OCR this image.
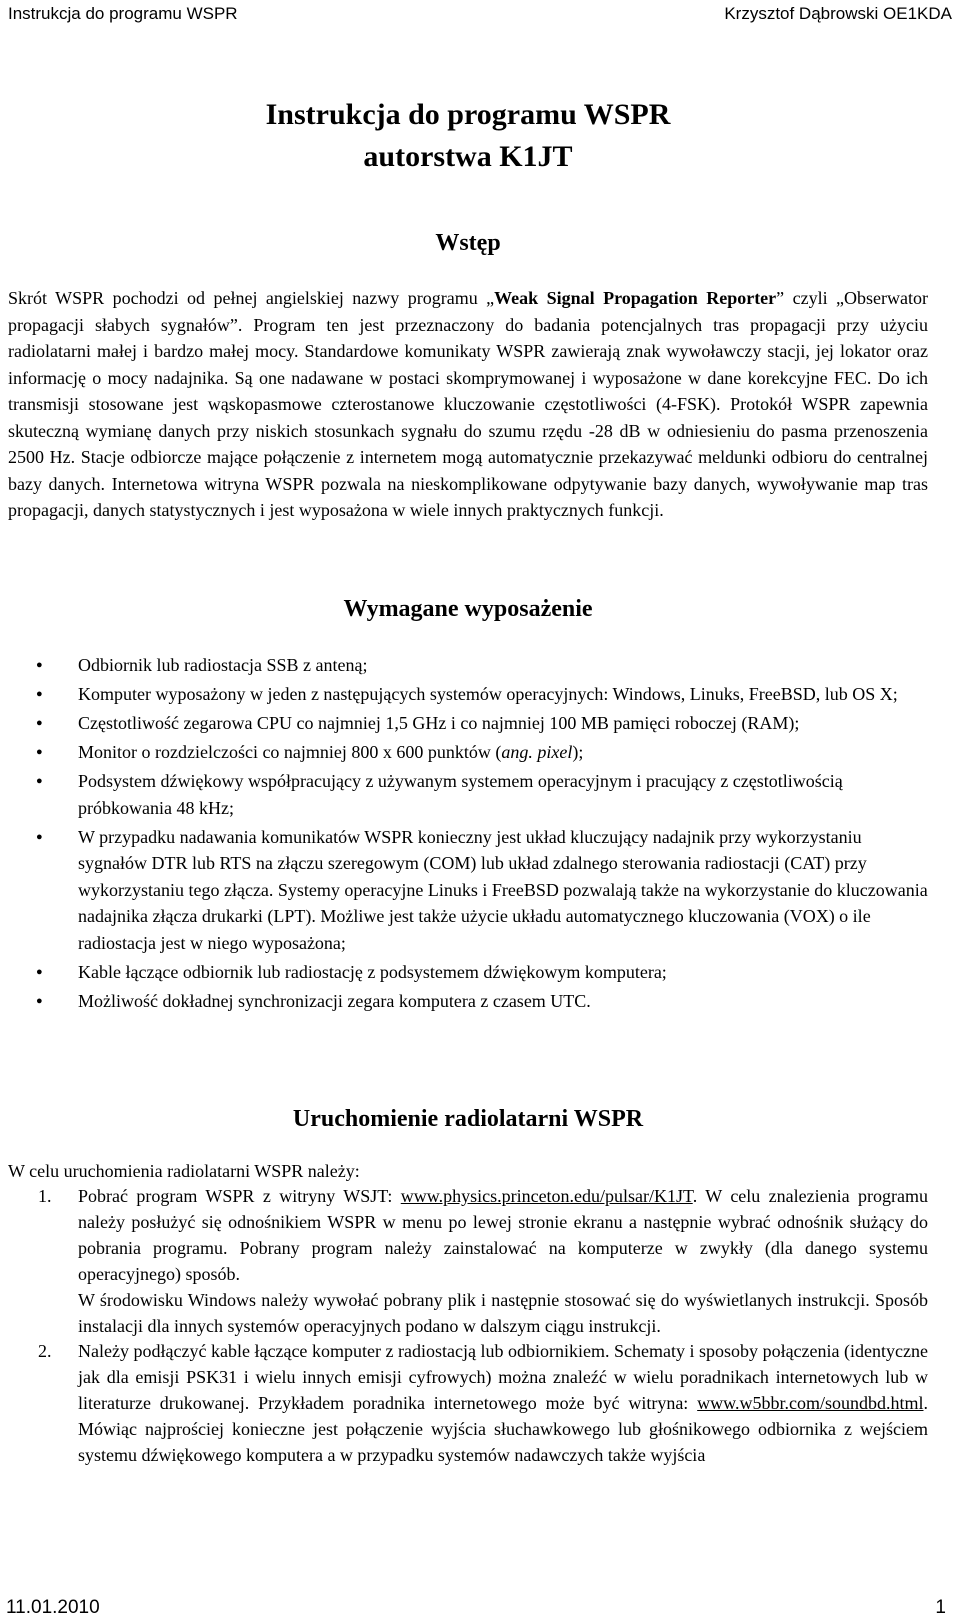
Instrukcja do programu WSPR	Krzysztof Dąbrowski OE1KDA
Instrukcja do programu WSPR
autorstwa K1JT
Wstęp
Skrót WSPR pochodzi od pełnej angielskiej nazwy programu „Weak Signal Propagation Reporter” czyli „Obserwator propagacji słabych sygnałów”. Program ten jest przeznaczony do badania potencjalnych tras propagacji przy użyciu radiolatarni małej i bardzo małej mocy. Standardowe komunikaty WSPR zawierają znak wywoławczy stacji, jej lokator oraz informację o mocy nadajnika. Są one nadawane w postaci skomprymowanej i wyposażone w dane korekcyjne FEC. Do ich transmisji stosowane jest wąskopasmowe czterostanowe kluczowanie częstotliwości (4-FSK). Protokół WSPR zapewnia skuteczną wymianę danych przy niskich stosunkach sygnału do szumu rzędu -28 dB w odniesieniu do pasma przenoszenia 2500 Hz. Stacje odbiorcze mające połączenie z internetem mogą automatycznie przekazywać meldunki odbioru do centralnej bazy danych. Internetowa witryna WSPR pozwala na nieskomplikowane odpytywanie bazy danych, wywoływanie map tras propagacji, danych statystycznych i jest wyposażona w wiele innych praktycznych funkcji.
Wymagane wyposażenie
● Odbiornik lub radiostacja SSB z anteną;
● Komputer wyposażony w jeden z następujących systemów operacyjnych: Windows, Linuks, FreeBSD, lub OS X;
● Częstotliwość zegarowa CPU co najmniej 1,5 GHz i co najmniej 100 MB pamięci roboczej (RAM);
● Monitor o rozdzielczości co najmniej 800 x 600 punktów (ang. pixel);
● Podsystem dźwiękowy współpracujący z używanym systemem operacyjnym i pracujący z częstotliwością próbkowania 48 kHz;
● W przypadku nadawania komunikatów WSPR konieczny jest układ kluczujący nadajnik przy wykorzystaniu sygnałów DTR lub RTS na złączu szeregowym (COM) lub układ zdalnego sterowania radiostacji (CAT) przy wykorzystaniu tego złącza. Systemy operacyjne Linuks i FreeBSD pozwalają także na wykorzystanie do kluczowania nadajnika złącza drukarki (LPT). Możliwe jest także użycie układu automatycznego kluczowania (VOX) o ile radiostacja jest w niego wyposażona;
● Kable łączące odbiornik lub radiostację z podsystemem dźwiękowym komputera;
● Możliwość dokładnej synchronizacji zegara komputera z czasem UTC.
Uruchomienie radiolatarni WSPR
W celu uruchomienia radiolatarni WSPR należy:
1. Pobrać program WSPR z witryny WSJT: www.physics.princeton.edu/pulsar/K1JT. W celu znalezienia programu należy posłużyć się odnośnikiem WSPR w menu po lewej stronie ekranu a następnie wybrać odnośnik służący do pobrania programu. Pobrany program należy zainstalować na komputerze w zwykły (dla danego systemu operacyjnego) sposób.
W środowisku Windows należy wywołać pobrany plik i następnie stosować się do wyświetlanych instrukcji. Sposób instalacji dla innych systemów operacyjnych podano w dalszym ciągu instrukcji.
2. Należy podłączyć kable łączące komputer z radiostacją lub odbiornikiem. Schematy i sposoby połączenia (identyczne jak dla emisji PSK31 i wielu innych emisji cyfrowych) można znaleźć w wielu poradnikach internetowych lub w literaturze drukowanej. Przykładem poradnika internetowego może być witryna: www.w5bbr.com/soundbd.html. Mówiąc najprościej konieczne jest połączenie wyjścia słuchawkowego lub głośnikowego odbiornika z wejściem systemu dźwiękowego komputera a w przypadku systemów nadawczych także wyjścia
11.01.2010	1
